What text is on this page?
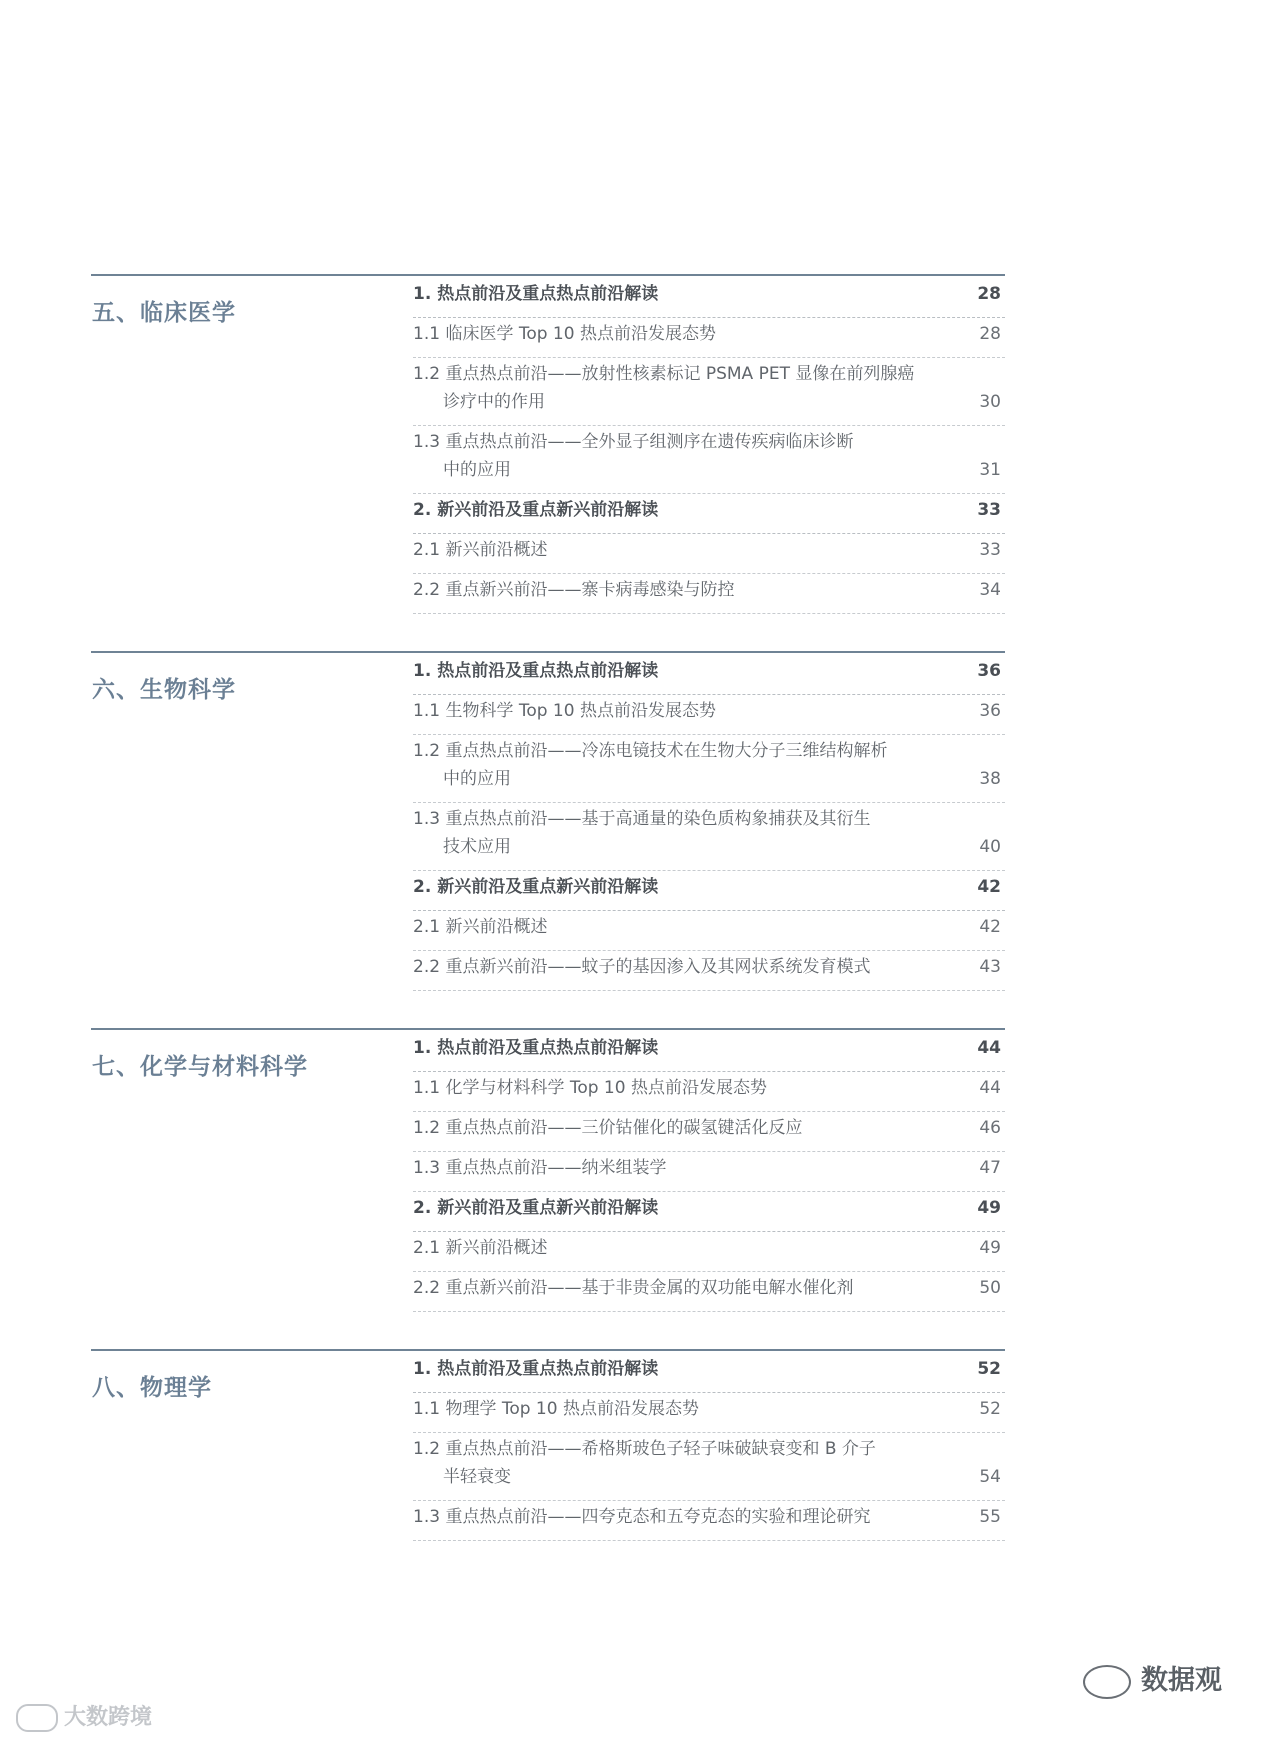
五、临床医学
1. 热点前沿及重点热点前沿解读	28
1.1 临床医学 Top 10 热点前沿发展态势	28
1.2 重点热点前沿——放射性核素标记 PSMA PET 显像在前列腺癌
诊疗中的作用	30
1.3 重点热点前沿——全外显子组测序在遗传疾病临床诊断
中的应用	31
2. 新兴前沿及重点新兴前沿解读	33
2.1 新兴前沿概述	33
2.2 重点新兴前沿——寨卡病毒感染与防控	34
六、生物科学
1. 热点前沿及重点热点前沿解读	36
1.1 生物科学 Top 10 热点前沿发展态势	36
1.2 重点热点前沿——冷冻电镜技术在生物大分子三维结构解析
中的应用	38
1.3 重点热点前沿——基于高通量的染色质构象捕获及其衍生
技术应用	40
2. 新兴前沿及重点新兴前沿解读	42
2.1 新兴前沿概述	42
2.2 重点新兴前沿——蚊子的基因渗入及其网状系统发育模式	43
七、化学与材料科学
1. 热点前沿及重点热点前沿解读	44
1.1 化学与材料科学 Top 10 热点前沿发展态势	44
1.2 重点热点前沿——三价钴催化的碳氢键活化反应	46
1.3 重点热点前沿——纳米组装学	47
2. 新兴前沿及重点新兴前沿解读	49
2.1 新兴前沿概述	49
2.2 重点新兴前沿——基于非贵金属的双功能电解水催化剂	50
八、物理学
1. 热点前沿及重点热点前沿解读	52
1.1 物理学 Top 10 热点前沿发展态势	52
1.2 重点热点前沿——希格斯玻色子轻子味破缺衰变和 B 介子
半轻衰变	54
1.3 重点热点前沿——四夸克态和五夸克态的实验和理论研究	55
大数跨境
数据观
